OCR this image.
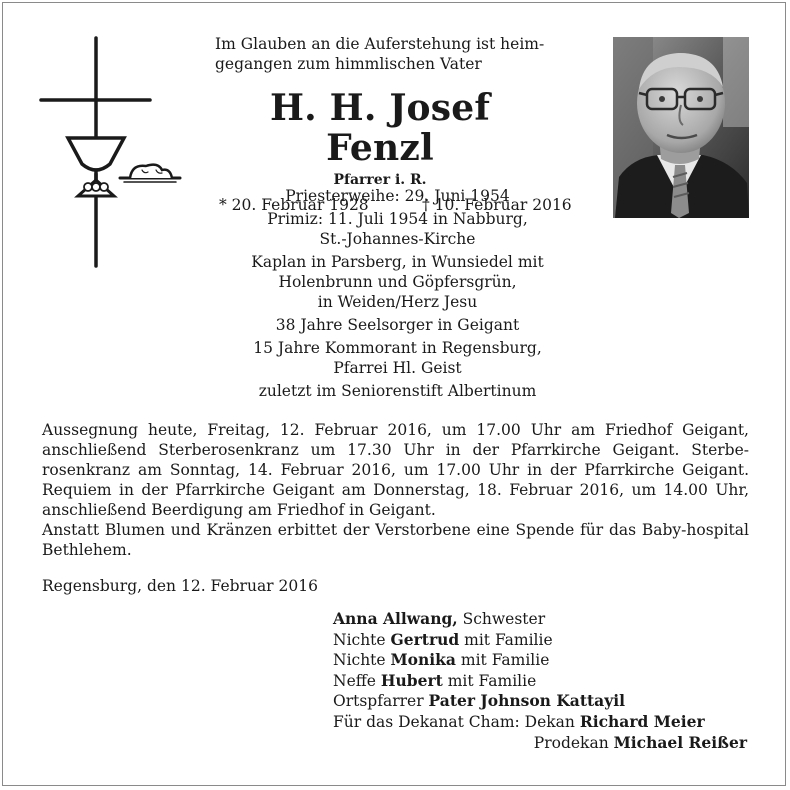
Im Glauben an die Auferstehung ist heim-
gegangen zum himmlischen Vater
H. H. Josef Fenzl
Pfarrer i. R.
* 20. Februar 1928	† 10. Februar 2016
Priesterweihe: 29. Juni 1954
Primiz: 11. Juli 1954 in Nabburg,
St.-Johannes-Kirche
Kaplan in Parsberg, in Wunsiedel mit
Holenbrunn und Göpfersgrün,
in Weiden/Herz Jesu
38 Jahre Seelsorger in Geigant
15 Jahre Kommorant in Regensburg,
Pfarrei Hl. Geist
zuletzt im Seniorenstift Albertinum

Aussegnung heute, Freitag, 12. Februar 2016, um 17.00 Uhr am Friedhof Geigant, anschließend Sterberosenkranz um 17.30 Uhr in der Pfarrkirche Geigant. Sterbe-rosenkranz am Sonntag, 14. Februar 2016, um 17.00 Uhr in der Pfarrkirche Geigant. Requiem in der Pfarrkirche Geigant am Donnerstag, 18. Februar 2016, um 14.00 Uhr, anschließend Beerdigung am Friedhof in Geigant.

Anstatt Blumen und Kränzen erbittet der Verstorbene eine Spende für das Baby-hospital Bethlehem.

Regensburg, den 12. Februar 2016
Anna Allwang, Schwester
Nichte Gertrud mit Familie
Nichte Monika mit Familie
Neffe Hubert mit Familie
Ortspfarrer Pater Johnson Kattayil
Für das Dekanat Cham: Dekan Richard Meier
Prodekan Michael Reißer
